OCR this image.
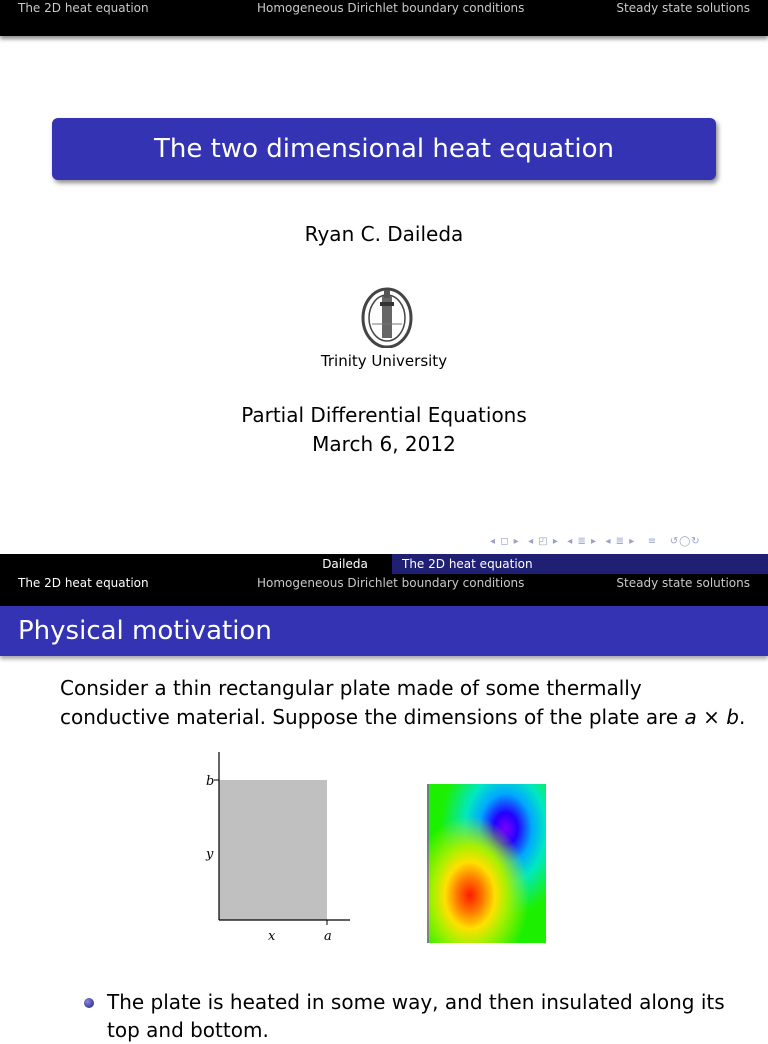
The 2D heat equation	Homogeneous Dirichlet boundary conditions	Steady state solutions
The two dimensional heat equation
Ryan C. Daileda
Trinity University
Partial Differential Equations
March 6, 2012
◂ ◻ ▸  ◂ ◰ ▸  ◂ ≣ ▸  ◂ ≣ ▸   ≡   ↺◯↻
Daileda	The 2D heat equation
The 2D heat equation	Homogeneous Dirichlet boundary conditions	Steady state solutions
Physical motivation
Consider a thin rectangular plate made of some thermally conductive material. Suppose the dimensions of the plate are a × b.
b
y
x	a
The plate is heated in some way, and then insulated along its
top and bottom.
